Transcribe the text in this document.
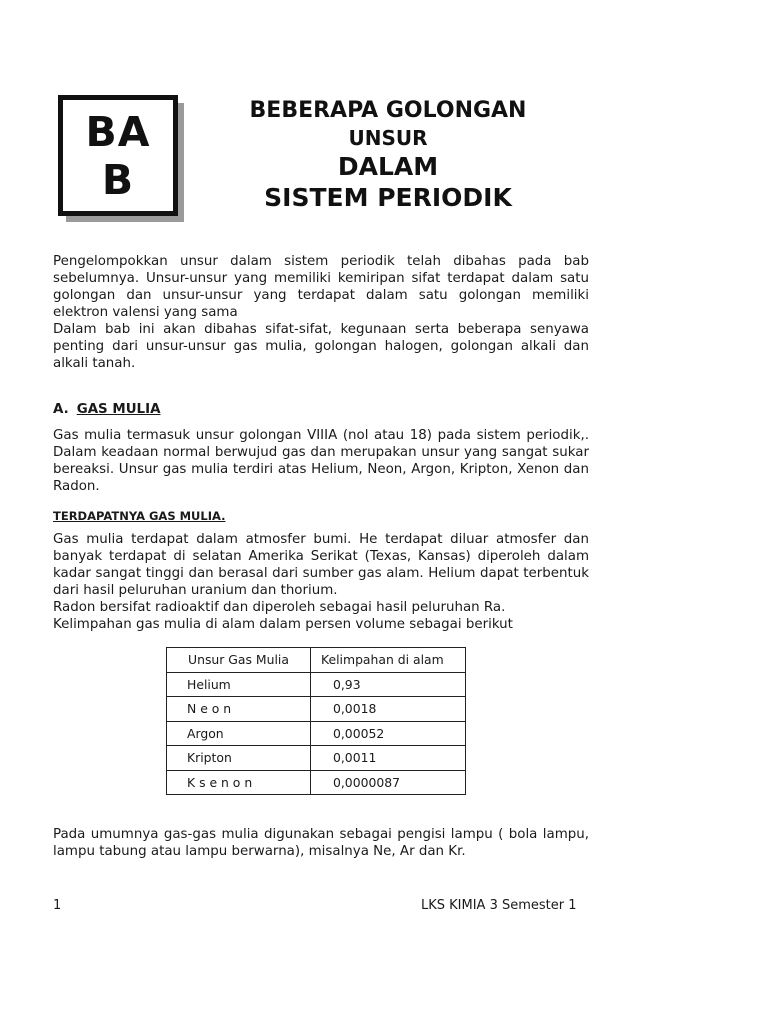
BA
B
BEBERAPA GOLONGAN
UNSUR
DALAM
SISTEM PERIODIK

Pengelompokkan unsur dalam sistem periodik telah dibahas pada bab sebelumnya. Unsur-unsur yang memiliki kemiripan sifat terdapat dalam satu golongan dan unsur-unsur yang terdapat dalam satu golongan memiliki elektron valensi yang sama

Dalam bab ini akan dibahas sifat-sifat, kegunaan serta beberapa senyawa penting dari unsur-unsur gas mulia, golongan halogen, golongan alkali dan alkali tanah.

A. GAS MULIA

Gas mulia termasuk unsur golongan VIIIA (nol atau 18) pada sistem periodik,. Dalam keadaan normal berwujud gas dan merupakan unsur yang sangat sukar bereaksi. Unsur gas mulia terdiri atas Helium, Neon, Argon, Kripton, Xenon dan Radon.

TERDAPATNYA GAS MULIA.

Gas mulia terdapat dalam atmosfer bumi. He terdapat diluar atmosfer dan banyak terdapat di selatan Amerika Serikat (Texas, Kansas) diperoleh dalam kadar sangat tinggi dan berasal dari sumber gas alam. Helium dapat terbentuk dari hasil peluruhan uranium dan thorium.

Radon bersifat radioaktif dan diperoleh sebagai hasil peluruhan Ra.

Kelimpahan gas mulia di alam dalam persen volume sebagai berikut

Unsur Gas Mulia	Kelimpahan di alam
Helium	0,93
N e o n	0,0018
Argon	0,00052
Kripton	0,0011
K s e n o n	0,0000087

Pada umumnya gas-gas mulia digunakan sebagai pengisi lampu ( bola lampu, lampu tabung atau lampu berwarna), misalnya Ne, Ar dan Kr.

1	LKS KIMIA 3 Semester 1
